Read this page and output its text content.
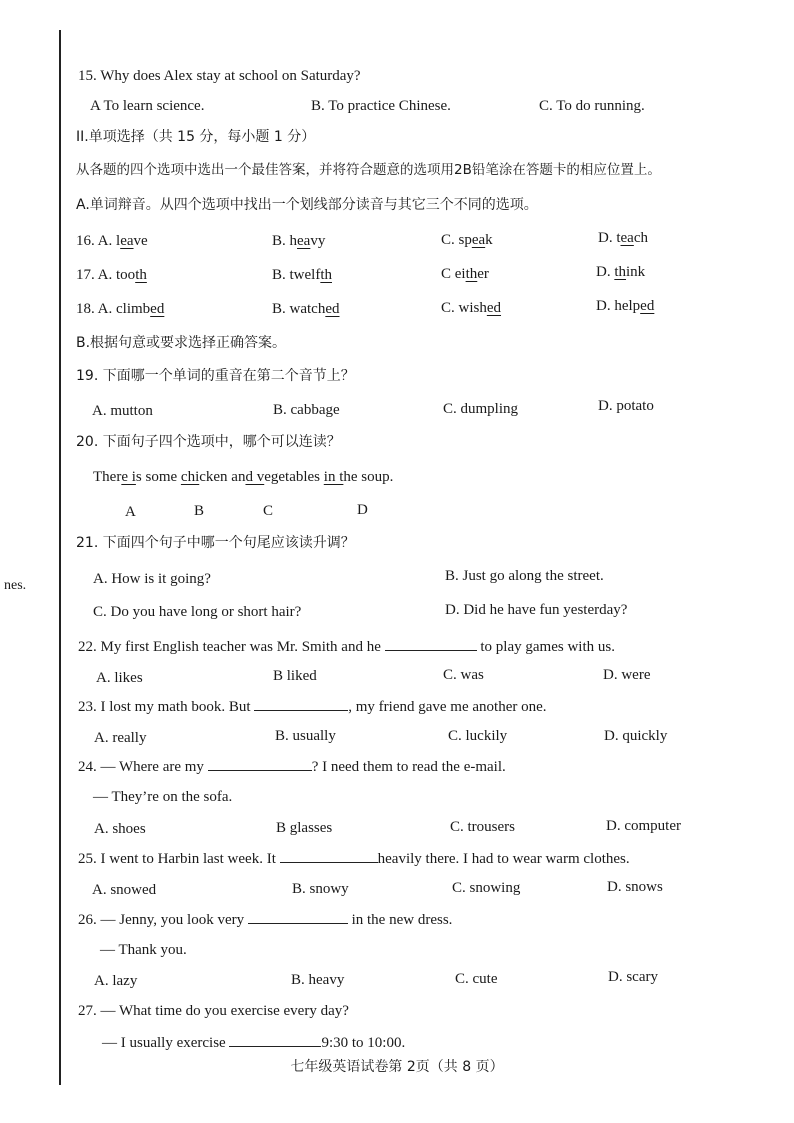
nes.
15. Why does Alex stay at school on Saturday?
A To learn science.	B. To practice Chinese.	C. To do running.
II.单项选择（共 15 分，每小题 1 分）
从各题的四个选项中选出一个最佳答案，并将符合题意的选项用2B铅笔涂在答题卡的相应位置上。
A.单词辩音。从四个选项中找出一个划线部分读音与其它三个不同的选项。
16. A. leave	B. heavy	C. speak	D. teach
17. A. tooth	B. twelfth	C either	D. think
18. A. climbed	B. watched	C. wished	D. helped
B.根据句意或要求选择正确答案。
19. 下面哪一个单词的重音在第二个音节上？
A. mutton	B. cabbage	C. dumpling	D. potato
20. 下面句子四个选项中，哪个可以连读？
There is some chicken and vegetables in the soup.
A	B	C	D
21. 下面四个句子中哪一个句尾应该读升调？
A. How is it going?	B. Just go along the street.
C. Do you have long or short hair?	D. Did he have fun yesterday?
22. My first English teacher was Mr. Smith and he	to play games with us.
A. likes	B liked	C. was	D. were
23. I lost my math book. But	, my friend gave me another one.
A. really	B. usually	C. luckily	D. quickly
24. — Where are my	? I need them to read the e-mail.
— They’re on the sofa.
A. shoes	B glasses	C. trousers	D. computer
25. I went to Harbin last week. It	heavily there. I had to wear warm clothes.
A. snowed	B. snowy	C. snowing	D. snows
26. — Jenny, you look very	in the new dress.
— Thank you.
A. lazy	B. heavy	C. cute	D. scary
27. — What time do you exercise every day?
— I usually exercise	9:30 to 10:00.
七年级英语试卷第 2页（共 8 页）
